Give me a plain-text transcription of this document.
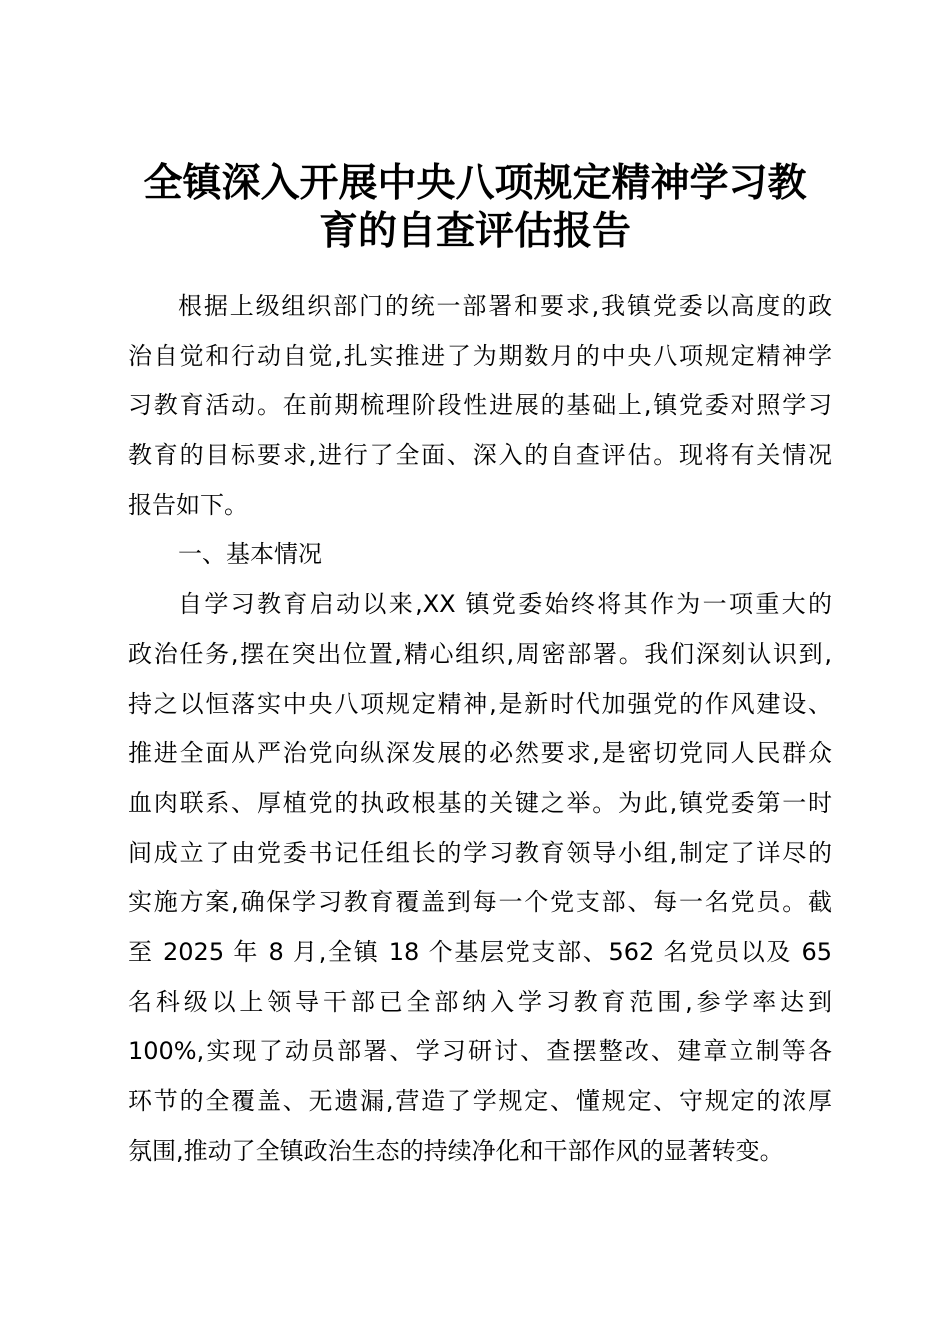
全镇深入开展中央八项规定精神学习教
育的自查评估报告
根据上级组织部门的统一部署和要求,我镇党委以高度的政
治自觉和行动自觉,扎实推进了为期数月的中央八项规定精神学
习教育活动。在前期梳理阶段性进展的基础上,镇党委对照学习
教育的目标要求,进行了全面、深入的自查评估。现将有关情况
报告如下。
一、基本情况
自学习教育启动以来,XX 镇党委始终将其作为一项重大的
政治任务,摆在突出位置,精心组织,周密部署。我们深刻认识到,
持之以恒落实中央八项规定精神,是新时代加强党的作风建设、
推进全面从严治党向纵深发展的必然要求,是密切党同人民群众
血肉联系、厚植党的执政根基的关键之举。为此,镇党委第一时
间成立了由党委书记任组长的学习教育领导小组,制定了详尽的
实施方案,确保学习教育覆盖到每一个党支部、每一名党员。截
至 2025 年 8 月,全镇 18 个基层党支部、562 名党员以及 65
名科级以上领导干部已全部纳入学习教育范围,参学率达到
100%,实现了动员部署、学习研讨、查摆整改、建章立制等各
环节的全覆盖、无遗漏,营造了学规定、懂规定、守规定的浓厚
氛围,推动了全镇政治生态的持续净化和干部作风的显著转变。
